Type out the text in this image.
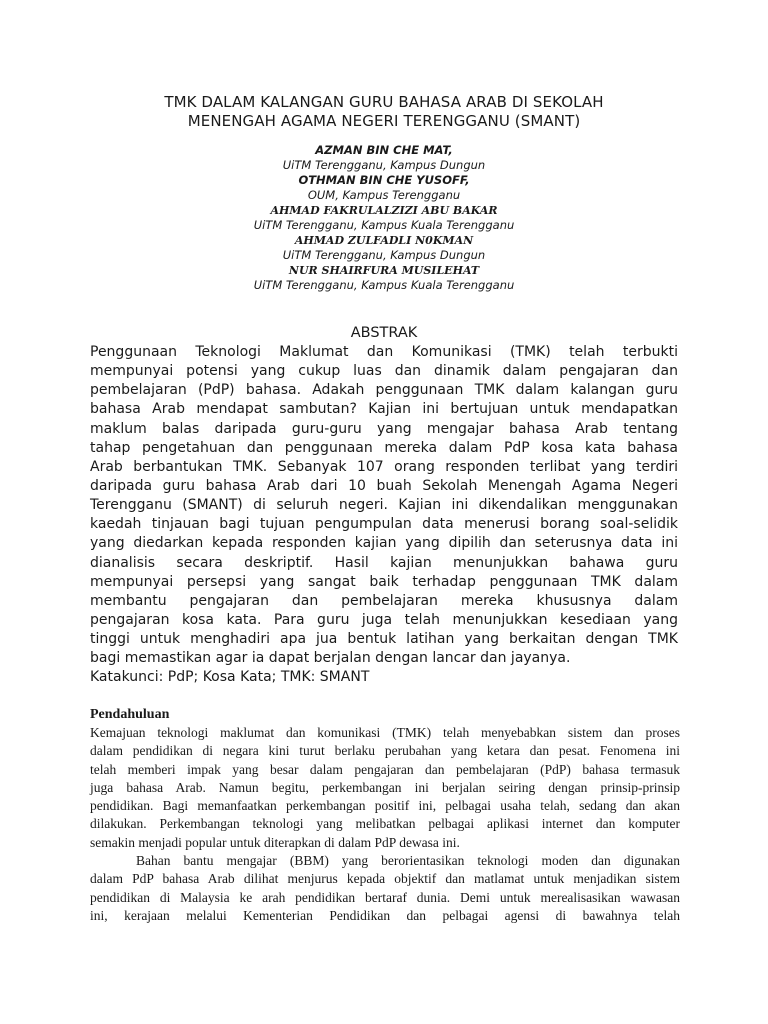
TMK DALAM KALANGAN GURU BAHASA ARAB DI SEKOLAH
MENENGAH AGAMA NEGERI TERENGGANU (SMANT)
AZMAN BIN CHE MAT,
UiTM Terengganu, Kampus Dungun
OTHMAN BIN CHE YUSOFF,
OUM, Kampus Terengganu
AHMAD FAKRULALZIZI ABU BAKAR
UiTM Terengganu, Kampus Kuala Terengganu
AHMAD ZULFADLI N0KMAN
UiTM Terengganu, Kampus Dungun
NUR SHAIRFURA MUSILEHAT
UiTM Terengganu, Kampus Kuala Terengganu
ABSTRAK
Penggunaan Teknologi Maklumat dan Komunikasi (TMK) telah terbukti
mempunyai potensi yang cukup luas dan dinamik dalam pengajaran dan
pembelajaran (PdP) bahasa. Adakah penggunaan TMK dalam kalangan guru
bahasa Arab mendapat sambutan? Kajian ini bertujuan untuk mendapatkan
maklum balas daripada guru-guru yang mengajar bahasa Arab tentang
tahap pengetahuan dan penggunaan mereka dalam PdP kosa kata bahasa
Arab berbantukan TMK. Sebanyak 107 orang responden terlibat yang terdiri
daripada guru bahasa Arab dari 10 buah Sekolah Menengah Agama Negeri
Terengganu (SMANT) di seluruh negeri. Kajian ini dikendalikan menggunakan
kaedah tinjauan bagi tujuan pengumpulan data menerusi borang soal-selidik
yang diedarkan kepada responden kajian yang dipilih dan seterusnya data ini
dianalisis secara deskriptif. Hasil kajian menunjukkan bahawa guru
mempunyai persepsi yang sangat baik terhadap penggunaan TMK dalam
membantu pengajaran dan pembelajaran mereka khususnya dalam
pengajaran kosa kata. Para guru juga telah menunjukkan kesediaan yang
tinggi untuk menghadiri apa jua bentuk latihan yang berkaitan dengan TMK
bagi memastikan agar ia dapat berjalan dengan lancar dan jayanya.
Katakunci: PdP; Kosa Kata; TMK: SMANT
Pendahuluan
Kemajuan teknologi maklumat dan komunikasi (TMK) telah menyebabkan sistem dan proses
dalam pendidikan di negara kini turut berlaku perubahan yang ketara dan pesat. Fenomena ini
telah memberi impak yang besar dalam pengajaran dan pembelajaran (PdP) bahasa termasuk
juga bahasa Arab. Namun begitu, perkembangan ini berjalan seiring dengan prinsip-prinsip
pendidikan. Bagi memanfaatkan perkembangan positif ini, pelbagai usaha telah, sedang dan akan
dilakukan. Perkembangan teknologi yang melibatkan pelbagai aplikasi internet dan komputer
semakin menjadi popular untuk diterapkan di dalam PdP dewasa ini.
Bahan bantu mengajar (BBM) yang berorientasikan teknologi moden dan digunakan
dalam PdP bahasa Arab dilihat menjurus kepada objektif dan matlamat untuk menjadikan sistem
pendidikan di Malaysia ke arah pendidikan bertaraf dunia. Demi untuk merealisasikan wawasan
ini, kerajaan melalui Kementerian Pendidikan dan pelbagai agensi di bawahnya telah
